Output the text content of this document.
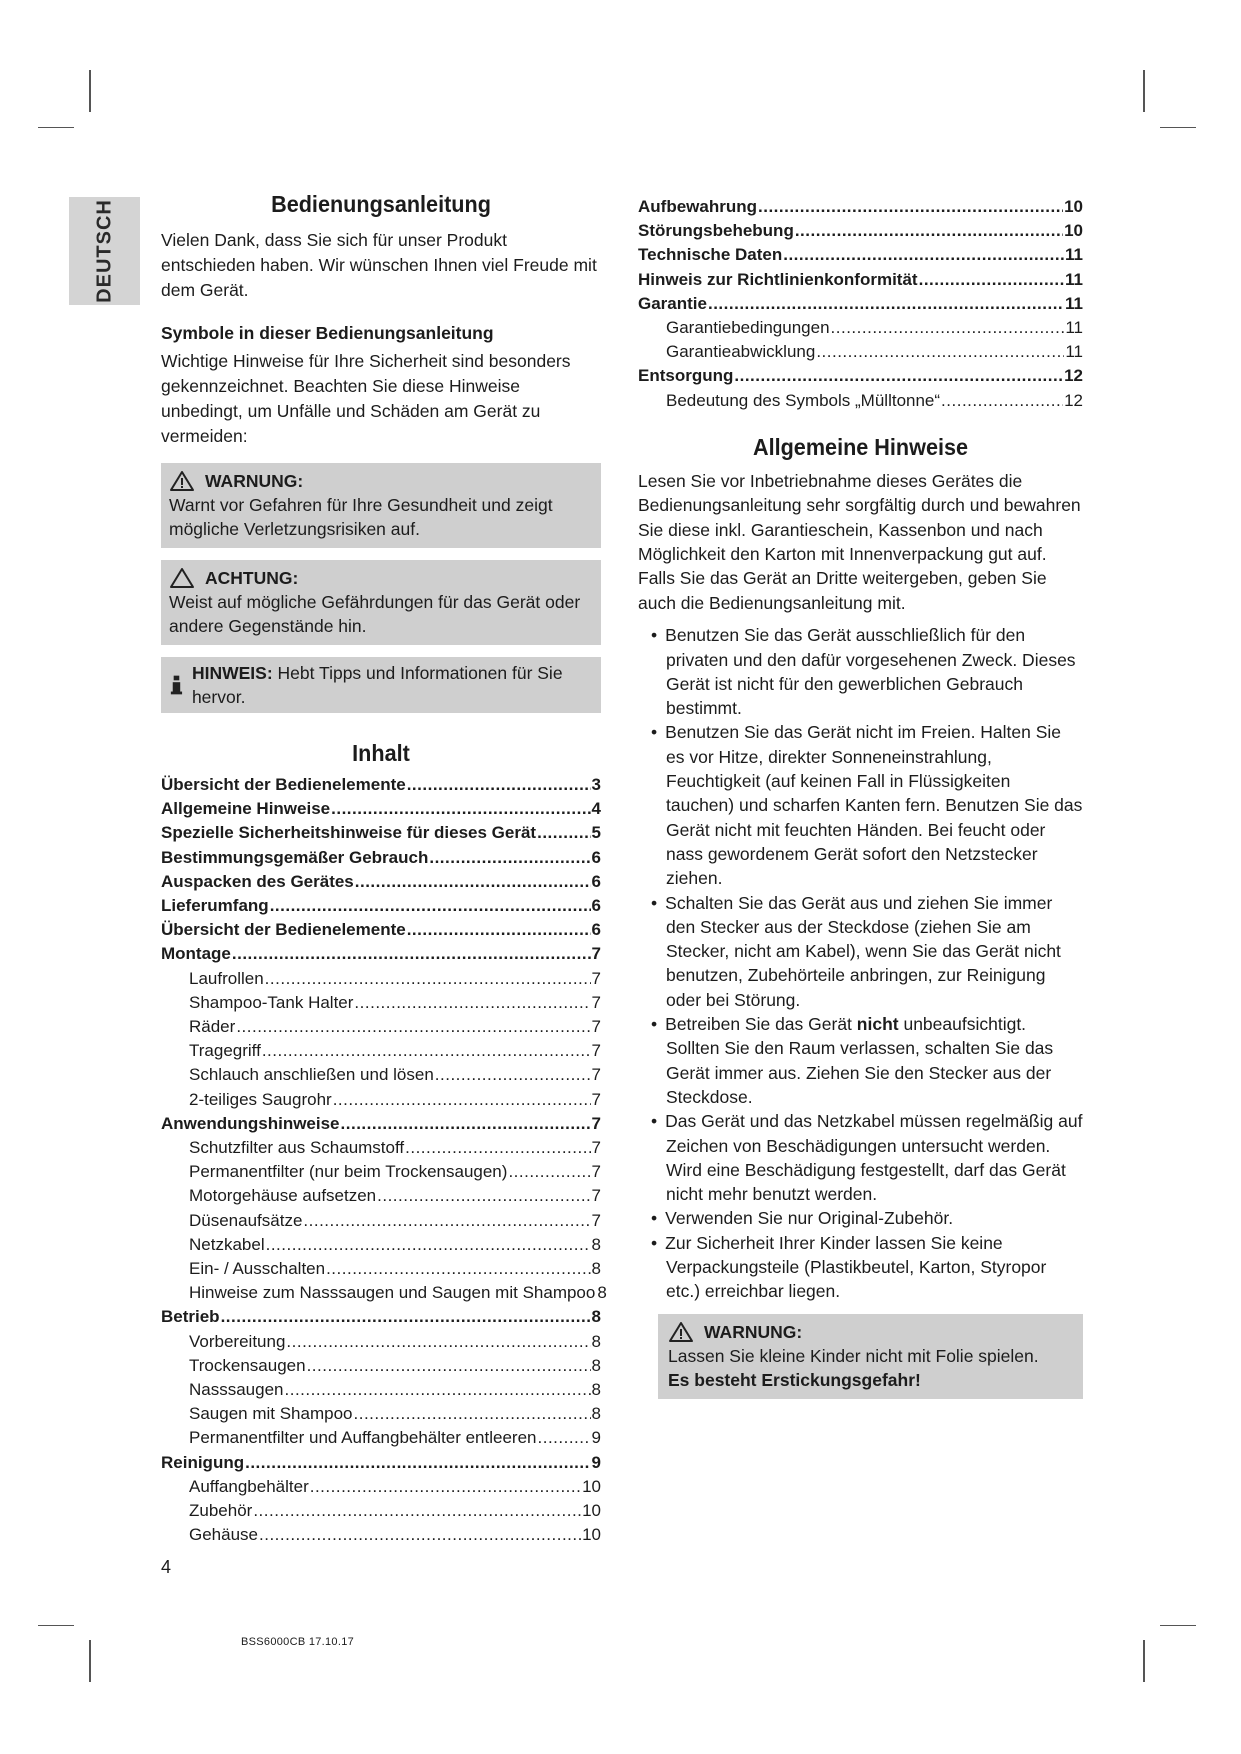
DEUTSCH	Bedienungsanleitung

Vielen Dank, dass Sie sich für unser Produkt entschieden haben. Wir wünschen Ihnen viel Freude mit dem Gerät.

Symbole in dieser Bedienungsanleitung

Wichtige Hinweise für Ihre Sicherheit sind besonders gekennzeichnet. Beachten Sie diese Hinweise unbedingt, um Unfälle und Schäden am Gerät zu vermeiden:

WARNUNG:
Warnt vor Gefahren für Ihre Gesundheit und zeigt mögliche Verletzungsrisiken auf.
ACHTUNG:
Weist auf mögliche Gefährdungen für das Gerät oder andere Gegenstände hin.
HINWEIS: Hebt Tipps und Informationen für Sie hervor.
Inhalt
Übersicht der Bedienelemente .....	3
Allgemeine Hinweise .....	4
Spezielle Sicherheitshinweise für dieses Gerät .....	5
Bestimmungsgemäßer Gebrauch .....	6
Auspacken des Gerätes .....	6
Lieferumfang .....	6
Übersicht der Bedienelemente .....	6
Montage .....	7
Laufrollen .....	7
Shampoo-Tank Halter .....	7
Räder .....	7
Tragegriff .....	7
Schlauch anschließen und lösen .....	7
2-teiliges Saugrohr .....	7
Anwendungshinweise .....	7
Schutzfilter aus Schaumstoff .....	7
Permanentfilter (nur beim Trockensaugen) .....	7
Motorgehäuse aufsetzen .....	7
Düsenaufsätze .....	7
Netzkabel .....	8
Ein- / Ausschalten .....	8
Hinweise zum Nasssaugen und Saugen mit Shampoo 8
Betrieb .....	8
Vorbereitung .....	8
Trockensaugen .....	8
Nasssaugen .....	8
Saugen mit Shampoo .....	8
Permanentfilter und Auffangbehälter entleeren .....	9
Reinigung .....	9
Auffangbehälter .....	10
Zubehör .....	10
Gehäuse .....	10
Aufbewahrung .....	10
Störungsbehebung .....	10
Technische Daten .....	11
Hinweis zur Richtlinienkonformität .....	11
Garantie .....	11
Garantiebedingungen .....	11
Garantieabwicklung .....	11
Entsorgung .....	12
Bedeutung des Symbols „Mülltonne“ .....	12
Allgemeine Hinweise

Lesen Sie vor Inbetriebnahme dieses Gerätes die Bedienungsanleitung sehr sorgfältig durch und bewahren Sie diese inkl. Garantieschein, Kassenbon und nach Möglichkeit den Karton mit Innenverpackung gut auf. Falls Sie das Gerät an Dritte weitergeben, geben Sie auch die Bedienungsanleitung mit.

• Benutzen Sie das Gerät ausschließlich für den privaten und den dafür vorgesehenen Zweck. Dieses Gerät ist nicht für den gewerblichen Gebrauch bestimmt.
• Benutzen Sie das Gerät nicht im Freien. Halten Sie es vor Hitze, direkter Sonneneinstrahlung, Feuchtigkeit (auf keinen Fall in Flüssigkeiten tauchen) und scharfen Kanten fern. Benutzen Sie das Gerät nicht mit feuchten Händen. Bei feucht oder nass gewordenem Gerät sofort den Netzstecker ziehen.
• Schalten Sie das Gerät aus und ziehen Sie immer den Stecker aus der Steckdose (ziehen Sie am Stecker, nicht am Kabel), wenn Sie das Gerät nicht benutzen, Zubehörteile anbringen, zur Reinigung oder bei Störung.
• Betreiben Sie das Gerät nicht unbeaufsichtigt. Sollten Sie den Raum verlassen, schalten Sie das Gerät immer aus. Ziehen Sie den Stecker aus der Steckdose.
• Das Gerät und das Netzkabel müssen regelmäßig auf Zeichen von Beschädigungen untersucht werden. Wird eine Beschädigung festgestellt, darf das Gerät nicht mehr benutzt werden.
• Verwenden Sie nur Original-Zubehör.
• Zur Sicherheit Ihrer Kinder lassen Sie keine Verpackungsteile (Plastikbeutel, Karton, Styropor etc.) erreichbar liegen.
WARNUNG:
Lassen Sie kleine Kinder nicht mit Folie spielen.
Es besteht Erstickungsgefahr!
4
BSS6000CB 17.10.17
